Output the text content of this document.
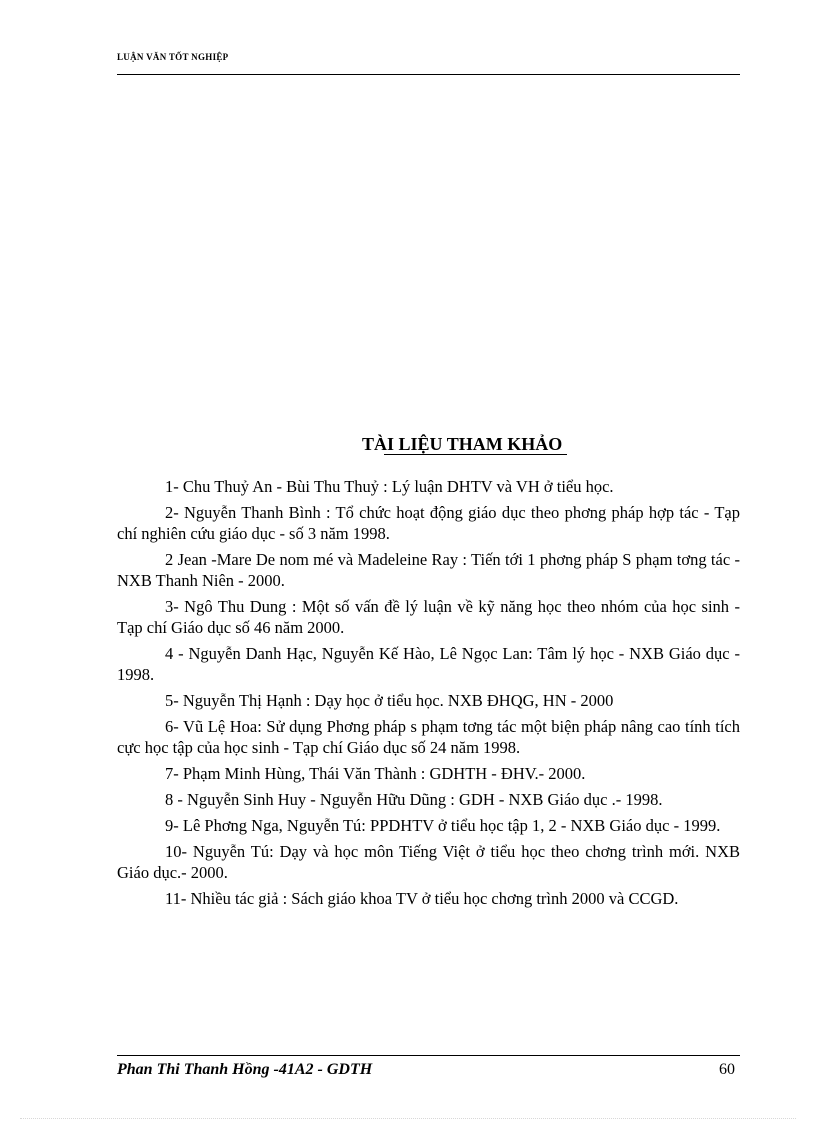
LUẬN VĂN TỐT NGHIỆP
TÀI LIỆU THAM KHẢO

1- Chu Thuỷ An - Bùi Thu Thuỷ : Lý luận DHTV và VH ở tiểu học.

2- Nguyễn Thanh Bình : Tổ chức hoạt động giáo dục theo phơng pháp hợp tác - Tạp chí nghiên cứu giáo dục - số 3 năm 1998.

2 Jean -Mare De nom mé và Madeleine Ray : Tiến tới 1 phơng pháp S phạm tơng tác - NXB Thanh Niên - 2000.

3- Ngô Thu Dung : Một số vấn đề lý luận về kỹ năng học theo nhóm của học sinh - Tạp chí Giáo dục số 46 năm 2000.

4 - Nguyễn Danh Hạc, Nguyễn Kế Hào, Lê Ngọc Lan: Tâm lý học - NXB Giáo dục - 1998.

5- Nguyễn Thị Hạnh : Dạy học ở tiểu học. NXB ĐHQG, HN - 2000

6- Vũ Lệ Hoa: Sử dụng Phơng pháp s phạm tơng tác một biện pháp nâng cao tính tích cực học tập của học sinh - Tạp chí Giáo dục số 24 năm 1998.

7- Phạm Minh Hùng, Thái Văn Thành : GDHTH - ĐHV.- 2000.

8 - Nguyễn Sinh Huy - Nguyễn Hữu Dũng : GDH - NXB Giáo dục .- 1998.

9- Lê Phơng Nga, Nguyễn Tú: PPDHTV ở tiểu học tập 1, 2 - NXB Giáo dục - 1999.

10- Nguyễn Tú: Dạy và học môn Tiếng Việt ở tiểu học theo chơng trình mới. NXB Giáo dục.- 2000.

11- Nhiều tác giả : Sách giáo khoa TV ở tiểu học chơng trình 2000 và CCGD.

Phan Thi Thanh Hồng -41A2 - GDTH	60
